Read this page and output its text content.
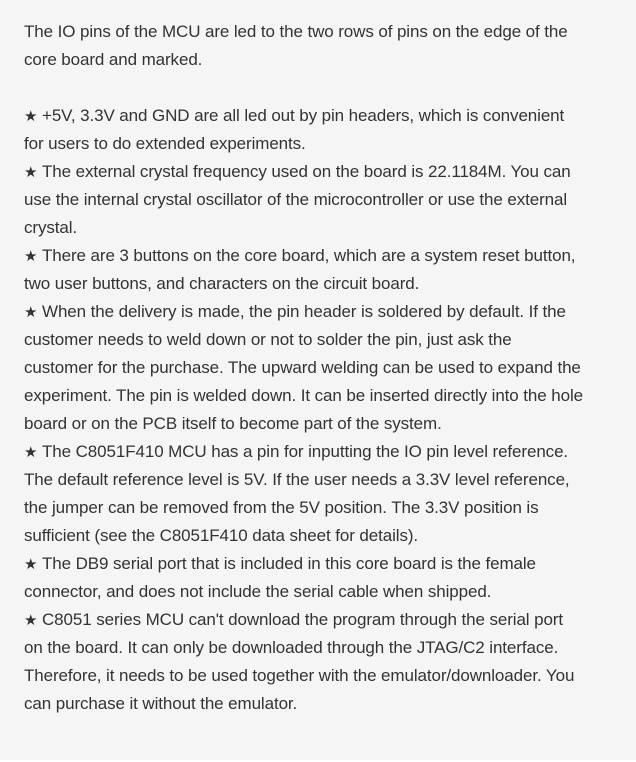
The IO pins of the MCU are led to the two rows of pins on the edge of the core board and marked.

★ +5V, 3.3V and GND are all led out by pin headers, which is convenient for users to do extended experiments.
★ The external crystal frequency used on the board is 22.1184M. You can use the internal crystal oscillator of the microcontroller or use the external crystal.
★ There are 3 buttons on the core board, which are a system reset button, two user buttons, and characters on the circuit board.
★ When the delivery is made, the pin header is soldered by default. If the customer needs to weld down or not to solder the pin, just ask the customer for the purchase. The upward welding can be used to expand the experiment. The pin is welded down. It can be inserted directly into the hole board or on the PCB itself to become part of the system.
★ The C8051F410 MCU has a pin for inputting the IO pin level reference. The default reference level is 5V. If the user needs a 3.3V level reference, the jumper can be removed from the 5V position. The 3.3V position is sufficient (see the C8051F410 data sheet for details).
★ The DB9 serial port that is included in this core board is the female connector, and does not include the serial cable when shipped.
★ C8051 series MCU can't download the program through the serial port on the board. It can only be downloaded through the JTAG/C2 interface. Therefore, it needs to be used together with the emulator/downloader. You can purchase it without the emulator.
